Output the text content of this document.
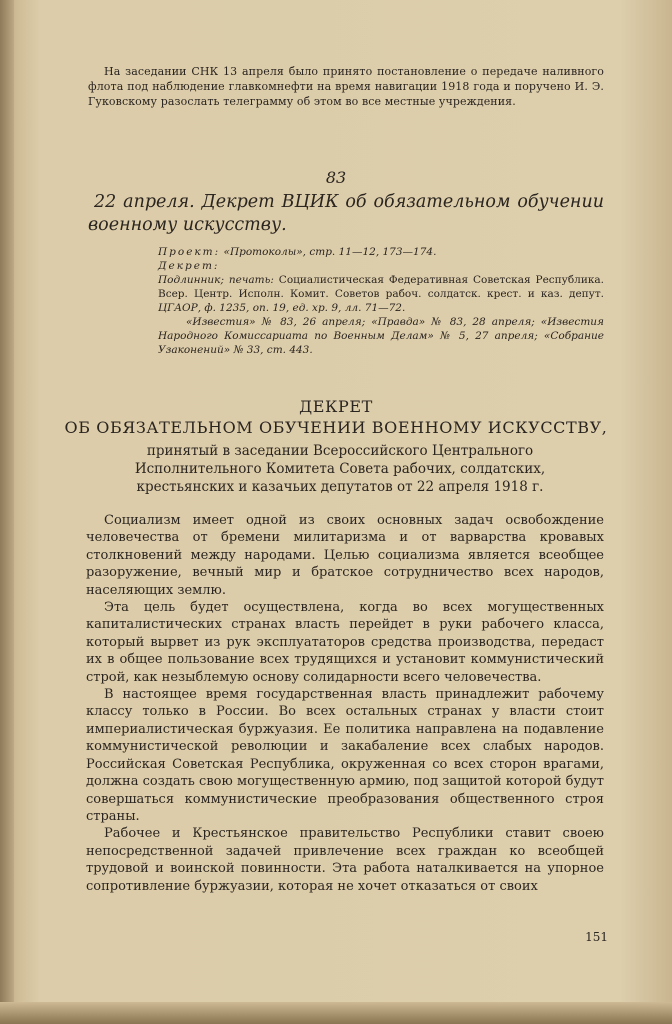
На заседании СНК 13 апреля было принято постановление о передаче наливного флота под наблюдение главкомнефти на время навигации 1918 года и поручено И. Э. Гуковскому разослать телеграмму об этом во все местные учреждения.
83
22 апреля. Декрет ВЦИК об обязательном обучении военному искусству.
Проект: «Протоколы», стр. 11—12, 173—174.
Декрет:
Подлинник; печать: Социалистическая Федеративная Советская Республика. Всер. Центр. Исполн. Комит. Советов рабоч. солдатск. крест. и каз. депут. ЦГАОР, ф. 1235, оп. 19, ед. хр. 9, лл. 71—72.
«Известия» № 83, 26 апреля; «Правда» № 83, 28 апреля; «Известия Народного Комиссариата по Военным Делам» № 5, 27 апреля; «Собрание Узаконений» № 33, ст. 443.
ДЕКРЕТ
ОБ ОБЯЗАТЕЛЬНОМ ОБУЧЕНИИ ВОЕННОМУ ИСКУССТВУ,
принятый в заседании Всероссийского Центрального Исполнительного Комитета Совета рабочих, солдатских, крестьянских и казачьих депутатов от 22 апреля 1918 г.

Социализм имеет одной из своих основных задач освобождение человечества от бремени милитаризма и от варварства кровавых столкновений между народами. Целью социализма является всеобщее разоружение, вечный мир и братское сотрудничество всех народов, населяющих землю.

Эта цель будет осуществлена, когда во всех могущественных капиталистических странах власть перейдет в руки рабочего класса, который вырвет из рук эксплуататоров средства производства, передаст их в общее пользование всех трудящихся и установит коммунистический строй, как незыблемую основу солидарности всего человечества.

В настоящее время государственная власть принадлежит рабочему классу только в России. Во всех остальных странах у власти стоит империалистическая буржуазия. Ее политика направлена на подавление коммунистической революции и закабаление всех слабых народов. Российская Советская Республика, окруженная со всех сторон врагами, должна создать свою могущественную армию, под защитой которой будут совершаться коммунистические преобразования общественного строя страны.

Рабочее и Крестьянское правительство Республики ставит своею непосредственной задачей привлечение всех граждан ко всеобщей трудовой и воинской повинности. Эта работа наталкивается на упорное сопротивление буржуазии, которая не хочет отказаться от своих

151
